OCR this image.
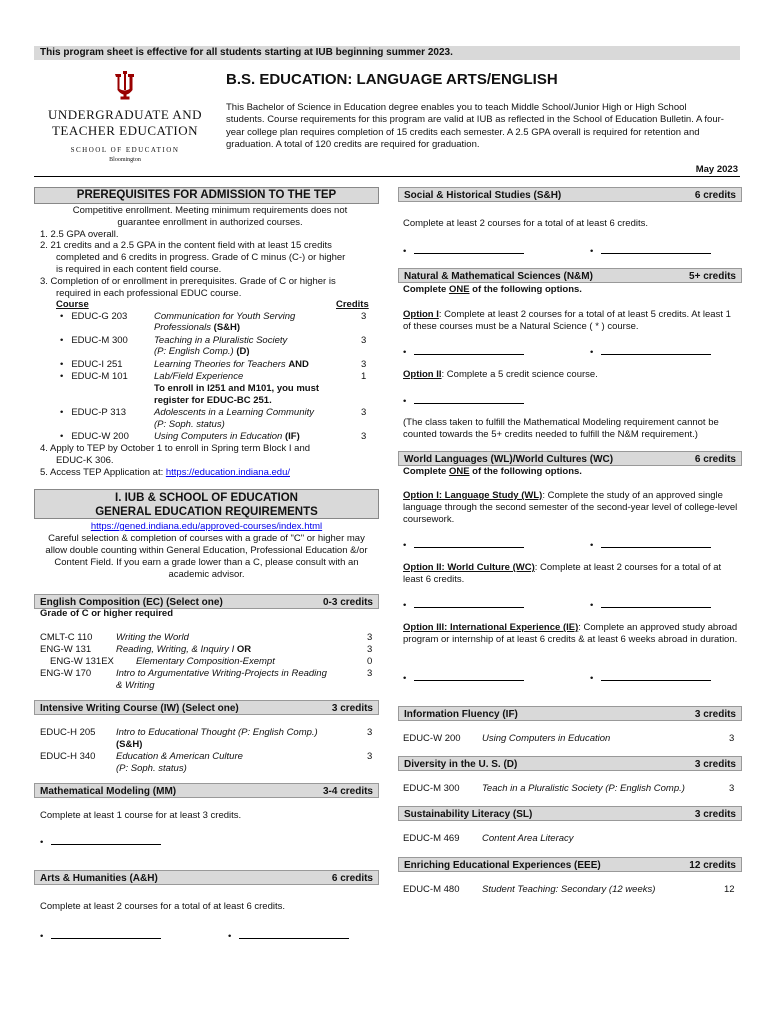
This program sheet is effective for all students starting at IUB beginning summer 2023.
UNDERGRADUATE AND
TEACHER EDUCATION
SCHOOL OF EDUCATION
Bloomington
B.S. EDUCATION: LANGUAGE ARTS/ENGLISH
This Bachelor of Science in Education degree enables you to teach Middle School/Junior High or High School students. Course requirements for this program are valid at IUB as reflected in the School of Education Bulletin. A four-year college plan requires completion of 15 credits each semester. A 2.5 GPA overall is required for retention and graduation. A total of 120 credits are required for graduation.
May 2023
PREREQUISITES FOR ADMISSION TO THE TEP
Competitive enrollment. Meeting minimum requirements does not guarantee enrollment in authorized courses.
1. 2.5 GPA overall.
2. 21 credits and a 2.5 GPA in the content field with at least 15 credits
completed and 6 credits in progress. Grade of C minus (C-) or higher
is required in each content field course.
3. Completion of or enrollment in prerequisites. Grade of C or higher is
required in each professional EDUC course.
Course	Credits
• EDUC-G 203	Communication for Youth Serving
Professionals (S&H)
3
• EDUC-M 300	Teaching in a Pluralistic Society
(P: English Comp.) (D)
3
• EDUC-I 251	Learning Theories for Teachers AND	3
• EDUC-M 101	Lab/Field Experience	1
To enroll in I251 and M101, you must
register for EDUC-BC 251.
• EDUC-P 313	Adolescents in a Learning Community
(P: Soph. status)
3
• EDUC-W 200	Using Computers in Education (IF)	3
4. Apply to TEP by October 1 to enroll in Spring term Block I and
EDUC-K 306.
5. Access TEP Application at: https://education.indiana.edu/
I. IUB & SCHOOL OF EDUCATION
GENERAL EDUCATION REQUIREMENTS
https://gened.indiana.edu/approved-courses/index.html
Careful selection & completion of courses with a grade of "C" or higher may allow double counting within General Education, Professional Education &/or Content Field. If you earn a grade lower than a C, please consult with an academic advisor.
English Composition (EC) (Select one)	0-3 credits
Grade of C or higher required
CMLT-C 110 Writing the World	3
ENG-W 131	Reading, Writing, & Inquiry I OR	3
ENG-W 131EX Elementary Composition-Exempt	0
ENG-W 170	Intro to Argumentative Writing-Projects in Reading
& Writing
3
Intensive Writing Course (IW) (Select one)	3 credits
EDUC-H 205 Intro to Educational Thought (P: English Comp.)
(S&H)
3
EDUC-H 340 Education & American Culture
(P: Soph. status)
3
Mathematical Modeling (MM)	3-4 credits
Complete at least 1 course for at least 3 credits.
•
Arts & Humanities (A&H)	6 credits
Complete at least 2 courses for a total of at least 6 credits.
•
•
Social & Historical Studies (S&H)	6 credits
Complete at least 2 courses for a total of at least 6 credits.
•
•
Natural & Mathematical Sciences (N&M)	5+ credits
Complete ONE of the following options.
Option I: Complete at least 2 courses for a total of at least 5 credits. At least 1 of these courses must be a Natural Science ( * ) course.
•
•
Option II: Complete a 5 credit science course.
•
(The class taken to fulfill the Mathematical Modeling requirement cannot be counted towards the 5+ credits needed to fulfill the N&M requirement.)
World Languages (WL)/World Cultures (WC)	6 credits
Complete ONE of the following options.
Option I: Language Study (WL): Complete the study of an approved single language through the second semester of the second-year level of college-level coursework.
•
•
Option II: World Culture (WC): Complete at least 2 courses for a total of at least 6 credits.
•
•
Option III: International Experience (IE): Complete an approved study abroad program or internship of at least 6 credits & at least 6 weeks abroad in duration.
•
•
Information Fluency (IF)	3 credits
EDUC-W 200 Using Computers in Education	3
Diversity in the U. S. (D)	3 credits
EDUC-M 300 Teach in a Pluralistic Society (P: English Comp.)	3
Sustainability Literacy (SL)	3 credits
EDUC-M 469 Content Area Literacy
Enriching Educational Experiences (EEE)	12 credits
EDUC-M 480 Student Teaching: Secondary (12 weeks)	12
